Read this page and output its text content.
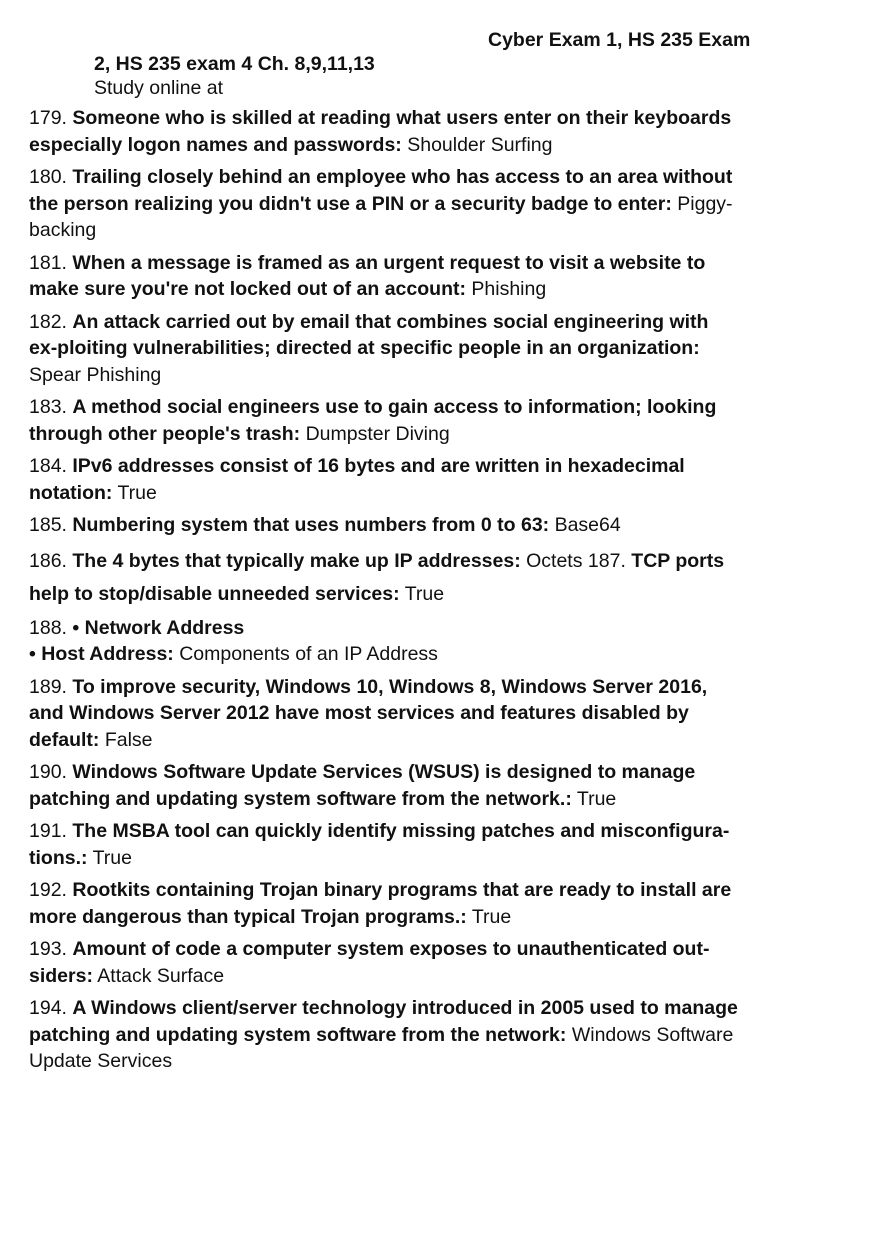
Cyber Exam 1, HS 235 Exam
2, HS 235 exam 4 Ch. 8,9,11,13
Study online at
179. Someone who is skilled at reading what users enter on their keyboards especially logon names and passwords: Shoulder Surfing
180. Trailing closely behind an employee who has access to an area without the person realizing you didn't use a PIN or a security badge to enter: Piggy-backing
181. When a message is framed as an urgent request to visit a website to make sure you're not locked out of an account: Phishing
182. An attack carried out by email that combines social engineering with ex-ploiting vulnerabilities; directed at specific people in an organization: Spear Phishing
183. A method social engineers use to gain access to information; looking through other people's trash: Dumpster Diving
184. IPv6 addresses consist of 16 bytes and are written in hexadecimal notation: True
185. Numbering system that uses numbers from 0 to 63: Base64
186. The 4 bytes that typically make up IP addresses: Octets 187. TCP ports help to stop/disable unneeded services: True
188. • Network Address
• Host Address: Components of an IP Address
189. To improve security, Windows 10, Windows 8, Windows Server 2016, and Windows Server 2012 have most services and features disabled by default: False
190. Windows Software Update Services (WSUS) is designed to manage patching and updating system software from the network.: True
191. The MSBA tool can quickly identify missing patches and misconfigura-tions.: True
192. Rootkits containing Trojan binary programs that are ready to install are more dangerous than typical Trojan programs.: True
193. Amount of code a computer system exposes to unauthenticated out-siders: Attack Surface
194. A Windows client/server technology introduced in 2005 used to manage patching and updating system software from the network: Windows Software Update Services
